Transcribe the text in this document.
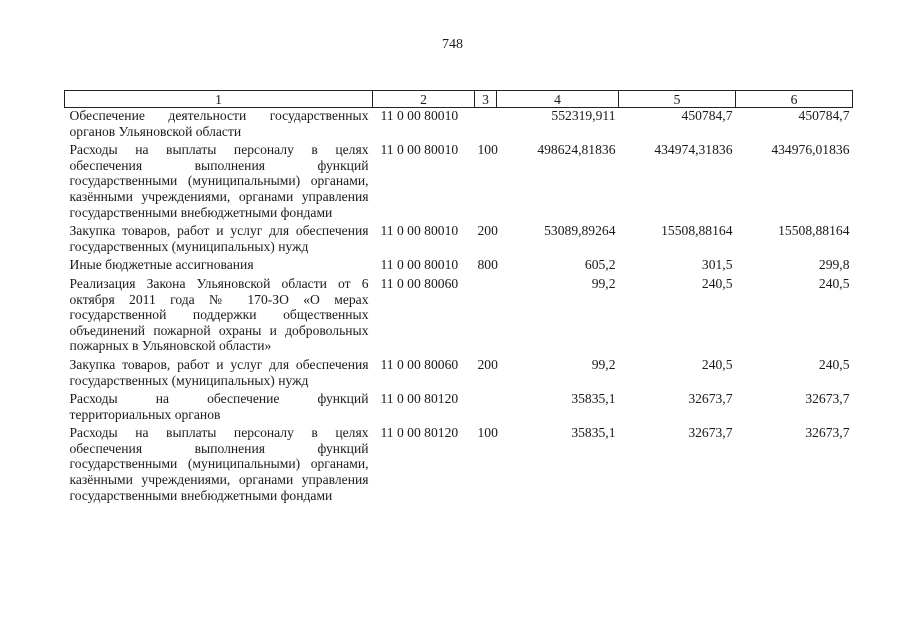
748
1	2	3	4	5	6
Обеспечение деятельности государственных органов Ульяновской области	11 0 00 80010		552319,911	450784,7	450784,7
Расходы на выплаты персоналу в целях обеспечения выполнения функций государственными (муниципальными) органами, казёнными учреждениями, органами управления государственными внебюджетными фондами	11 0 00 80010	100	498624,81836	434974,31836	434976,01836
Закупка товаров, работ и услуг для обеспечения государственных (муниципальных) нужд	11 0 00 80010	200	53089,89264	15508,88164	15508,88164
Иные бюджетные ассигнования	11 0 00 80010	800	605,2	301,5	299,8
Реализация Закона Ульяновской области от 6 октября 2011 года № 170-ЗО «О мерах государственной поддержки общественных объединений пожарной охраны и добровольных пожарных в Ульяновской области»	11 0 00 80060		99,2	240,5	240,5
Закупка товаров, работ и услуг для обеспечения государственных (муниципальных) нужд	11 0 00 80060	200	99,2	240,5	240,5
Расходы на обеспечение функций территориальных органов	11 0 00 80120		35835,1	32673,7	32673,7
Расходы на выплаты персоналу в целях обеспечения выполнения функций государственными (муниципальными) органами, казёнными учреждениями, органами управления государственными внебюджетными фондами	11 0 00 80120	100	35835,1	32673,7	32673,7
